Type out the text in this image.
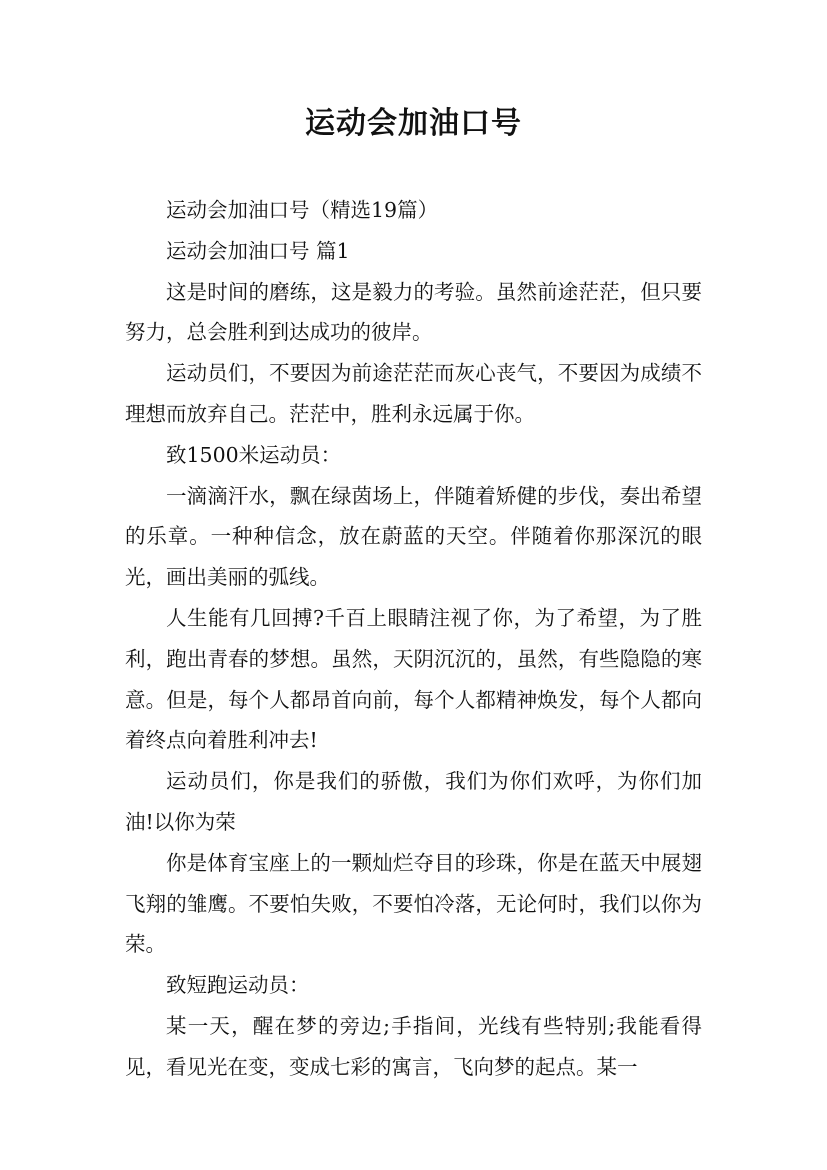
运动会加油口号

运动会加油口号（精选19篇）

运动会加油口号 篇1

这是时间的磨练，这是毅力的考验。虽然前途茫茫，但只要努力，总会胜利到达成功的彼岸。

运动员们，不要因为前途茫茫而灰心丧气，不要因为成绩不理想而放弃自己。茫茫中，胜利永远属于你。

致1500米运动员：

一滴滴汗水，飘在绿茵场上，伴随着矫健的步伐，奏出希望的乐章。一种种信念，放在蔚蓝的天空。伴随着你那深沉的眼光，画出美丽的弧线。

人生能有几回搏?千百上眼睛注视了你，为了希望，为了胜利，跑出青春的梦想。虽然，天阴沉沉的，虽然，有些隐隐的寒意。但是，每个人都昂首向前，每个人都精神焕发，每个人都向着终点向着胜利冲去!

运动员们，你是我们的骄傲，我们为你们欢呼，为你们加油!以你为荣

你是体育宝座上的一颗灿烂夺目的珍珠，你是在蓝天中展翅飞翔的雏鹰。不要怕失败，不要怕冷落，无论何时，我们以你为荣。

致短跑运动员：

某一天，醒在梦的旁边;手指间，光线有些特别;我能看得见，看见光在变，变成七彩的寓言，飞向梦的起点。某一
